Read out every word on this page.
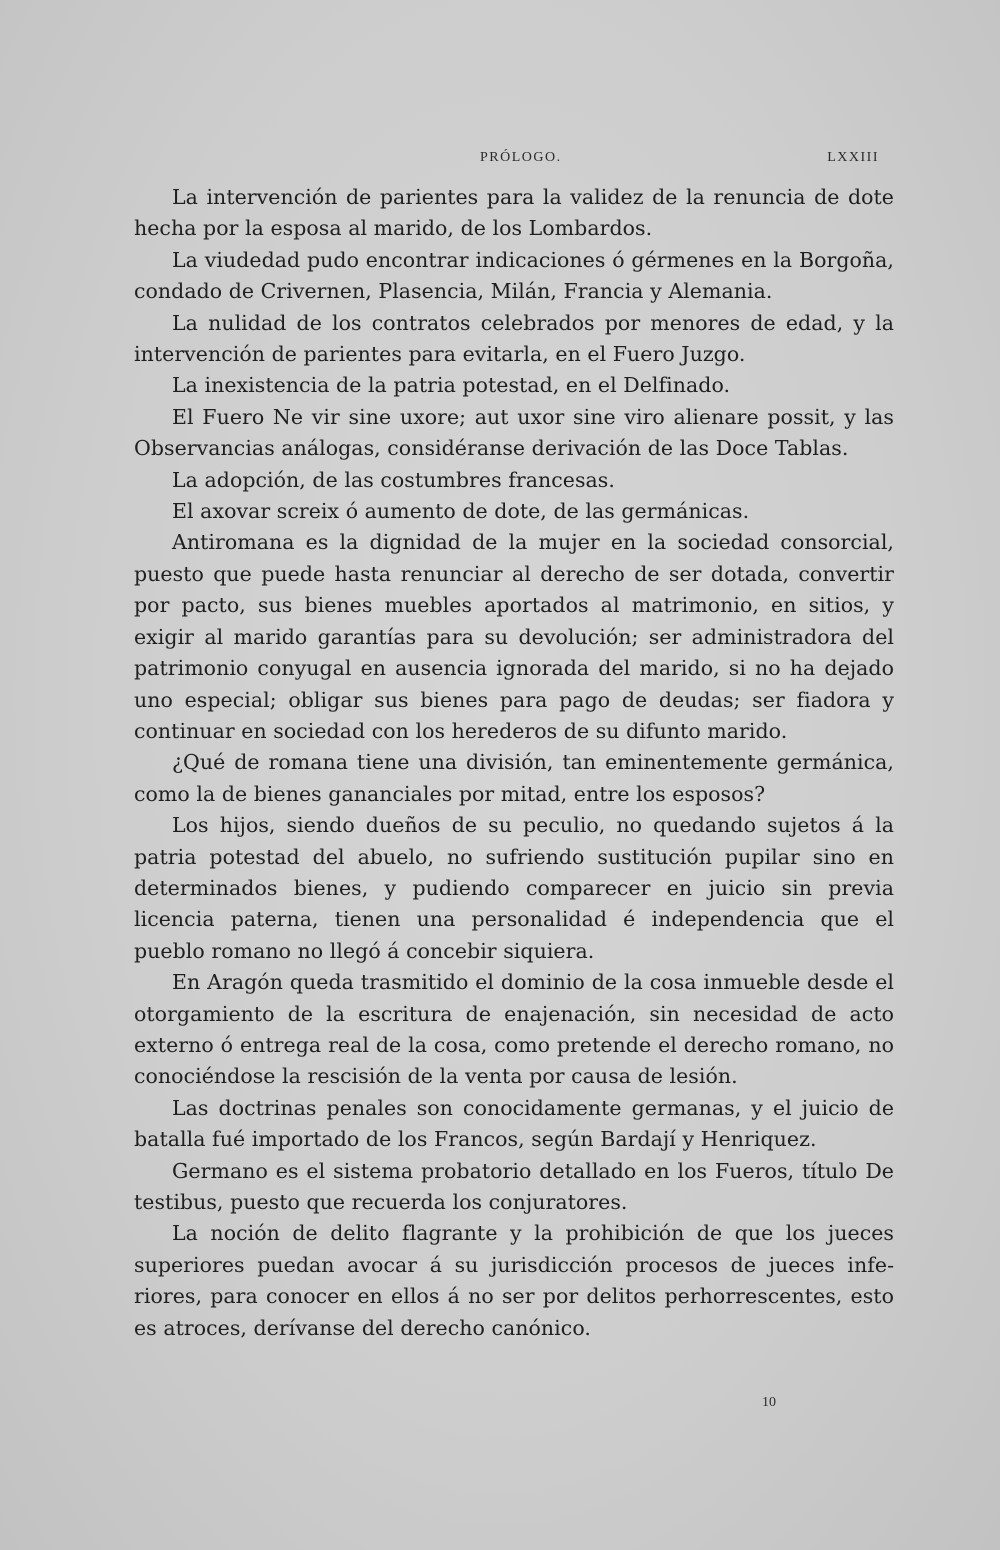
PRÓLOGO.	LXXIII

La intervención de parientes para la validez de la renuncia de dote hecha por la esposa al marido, de los Lombardos.

La viudedad pudo encontrar indicaciones ó gérmenes en la Borgoña, condado de Crivernen, Plasencia, Milán, Francia y Alemania.

La nulidad de los contratos celebrados por menores de edad, y la intervención de parientes para evitarla, en el Fuero Juzgo.

La inexistencia de la patria potestad, en el Delfinado.

El Fuero Ne vir sine uxore; aut uxor sine viro alienare possit, y las Observancias análogas, considéranse derivación de las Doce Tablas.

La adopción, de las costumbres francesas.

El axovar screix ó aumento de dote, de las germánicas.

Antiromana es la dignidad de la mujer en la sociedad consorcial, puesto que puede hasta renunciar al derecho de ser dotada, convertir por pacto, sus bienes muebles aportados al matrimonio, en sitios, y exigir al marido garantías para su devolución; ser administradora del patrimonio conyugal en ausencia ignorada del marido, si no ha dejado uno especial; obligar sus bienes para pago de deudas; ser fiadora y continuar en sociedad con los herederos de su difunto marido.

¿Qué de romana tiene una división, tan eminentemente germánica, como la de bienes gananciales por mitad, entre los esposos?

Los hijos, siendo dueños de su peculio, no quedando sujetos á la patria potestad del abuelo, no sufriendo sustitución pupilar sino en determinados bienes, y pudiendo comparecer en juicio sin previa licencia paterna, tienen una personalidad é independencia que el pueblo romano no llegó á concebir siquiera.

En Aragón queda trasmitido el dominio de la cosa inmueble desde el otorgamiento de la escritura de enajenación, sin necesidad de acto externo ó entrega real de la cosa, como pretende el derecho romano, no conociéndose la rescisión de la venta por causa de lesión.

Las doctrinas penales son conocidamente germanas, y el juicio de batalla fué importado de los Francos, según Bardají y Henriquez.

Germano es el sistema probatorio detallado en los Fueros, título De testibus, puesto que recuerda los conjuratores.

La noción de delito flagrante y la prohibición de que los jueces superiores puedan avocar á su jurisdicción procesos de jueces inferiores, para conocer en ellos á no ser por delitos perhorrescentes, esto es atroces, derívanse del derecho canónico.

10
